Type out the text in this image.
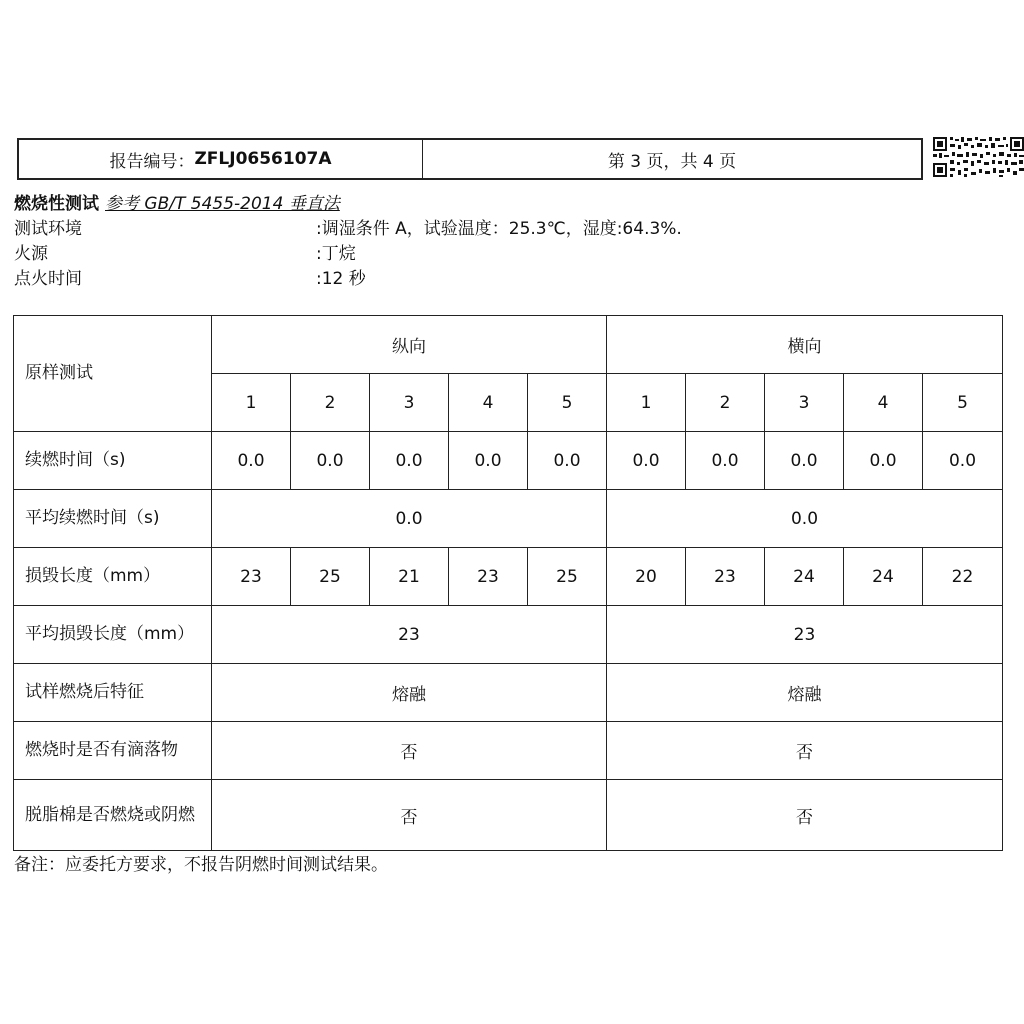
报告编号： ZFLJ0656107A	第 3 页，共 4 页
燃烧性测试 参考 GB/T 5455-2014 垂直法
测试环境	:调湿条件 A，试验温度：25.3℃，湿度:64.3%.
火源	:丁烷
点火时间	:12 秒
原样测试	纵向					横向				
	1	2	3	4	5	1	2	3	4	5
续燃时间（s)	0.0	0.0	0.0	0.0	0.0	0.0	0.0	0.0	0.0	0.0
平均续燃时间（s)	0.0					0.0				
损毁长度（mm）	23	25	21	23	25	20	23	24	24	22
平均损毁长度（mm）	23					23				
试样燃烧后特征	熔融					熔融				
燃烧时是否有滴落物	否					否				
脱脂棉是否燃烧或阴燃	否					否				
备注：应委托方要求，不报告阴燃时间测试结果。
